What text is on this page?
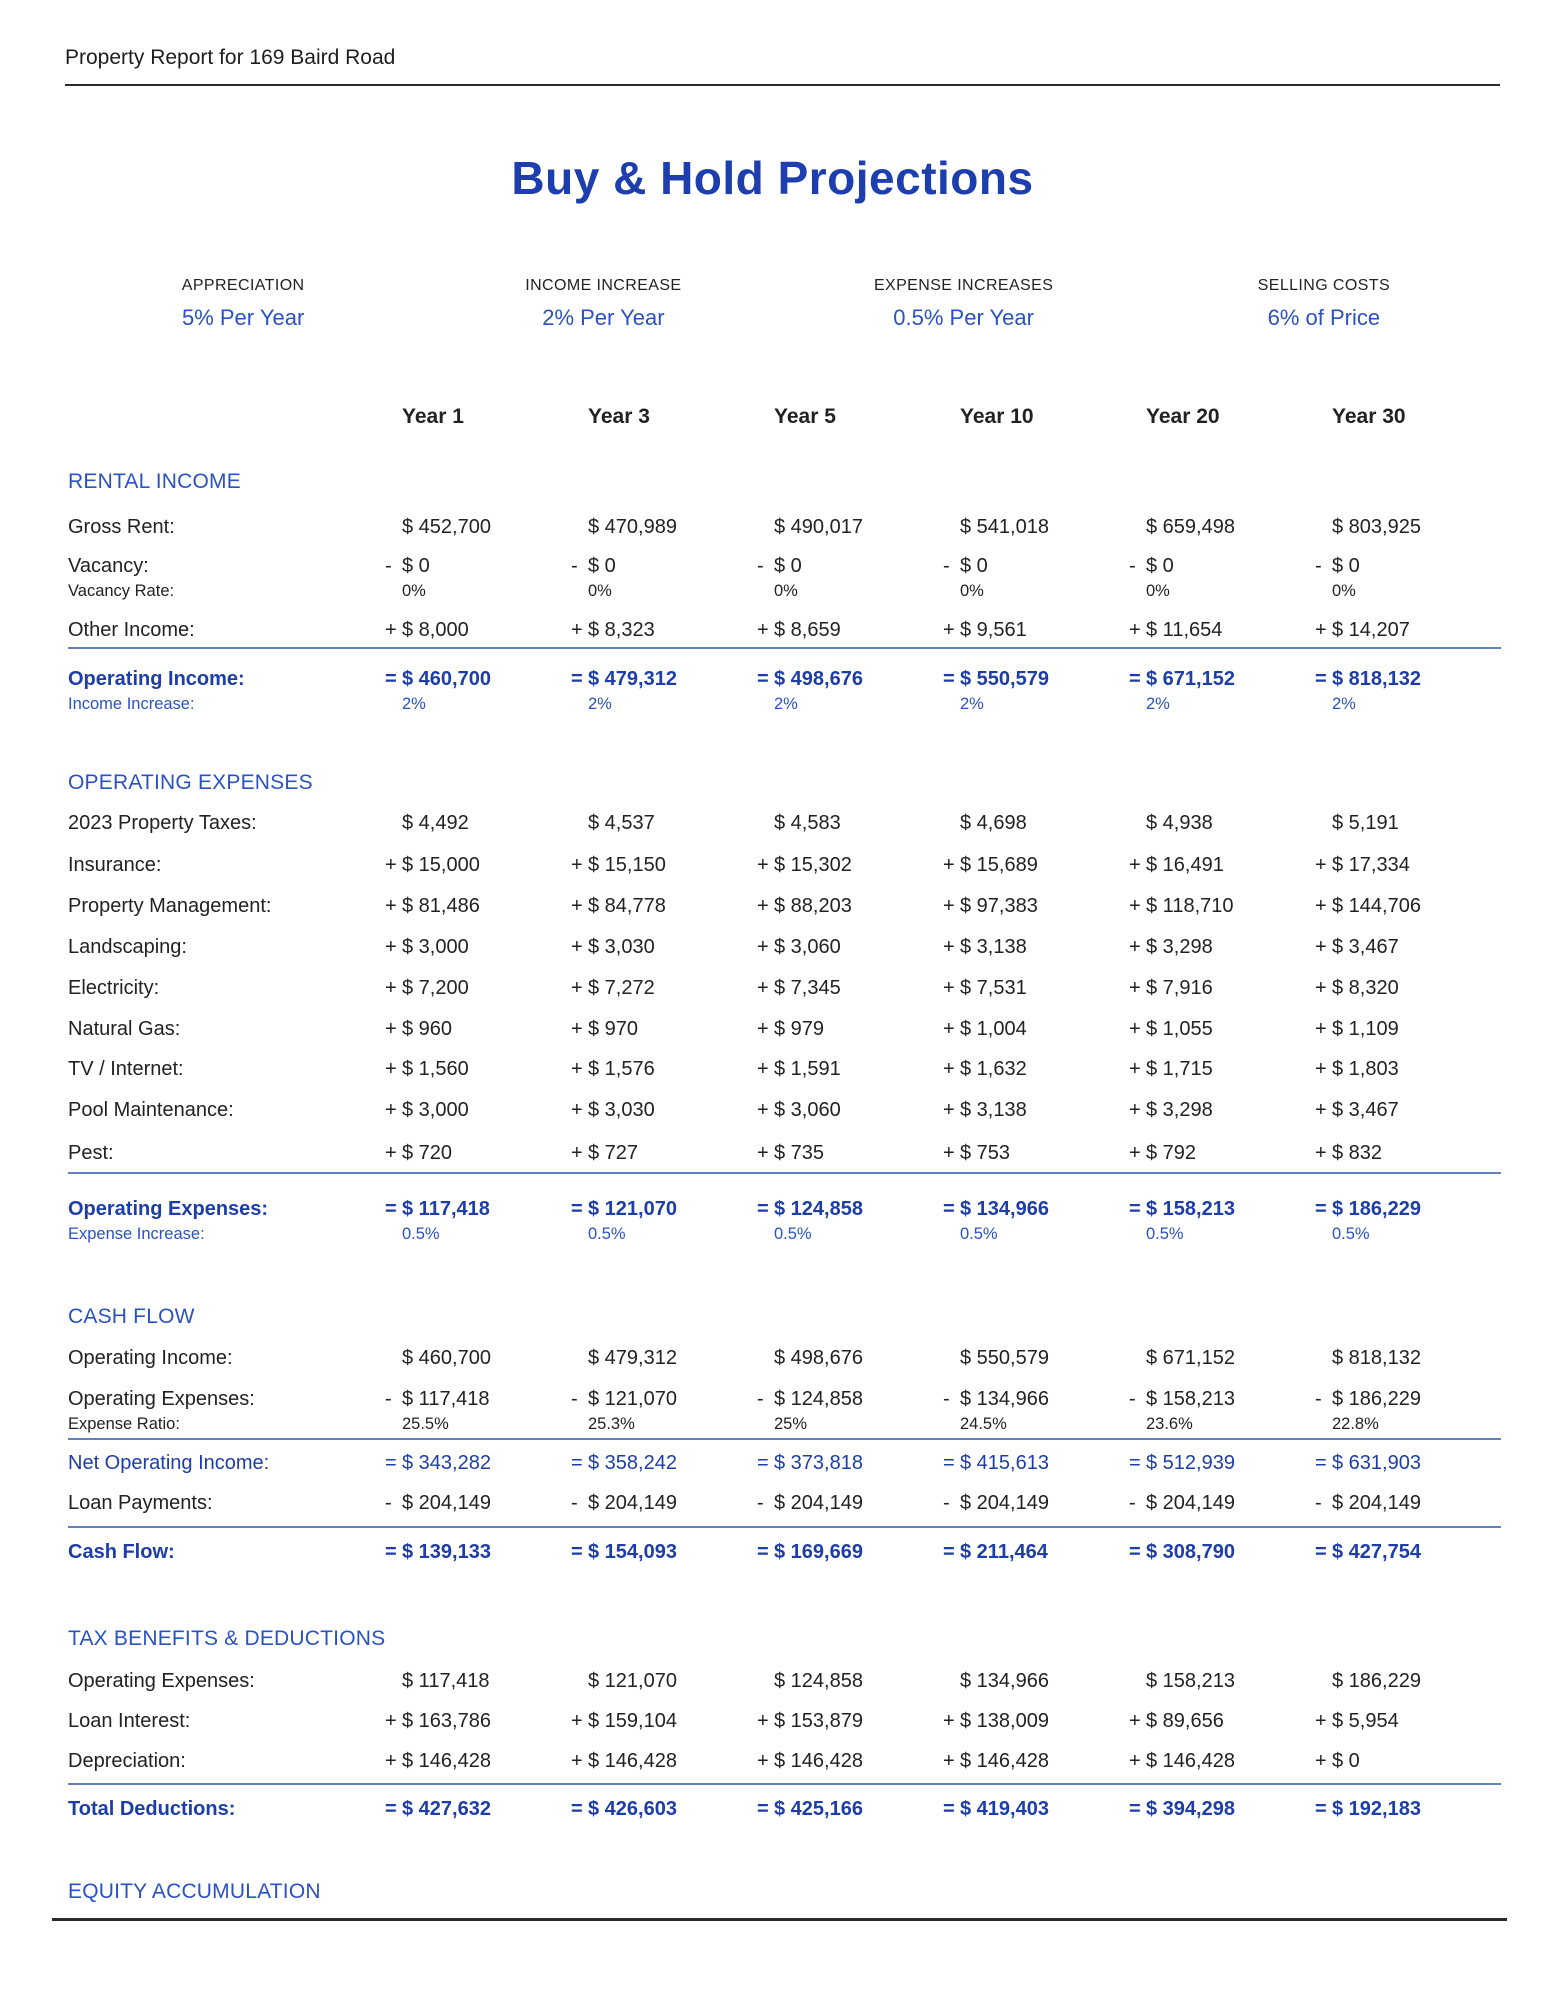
Property Report for 169 Baird Road
Buy & Hold Projections
APPRECIATION
5% Per Year
INCOME INCREASE
2% Per Year
EXPENSE INCREASES
0.5% Per Year
SELLING COSTS
6% of Price
Year 1	Year 3	Year 5	Year 10	Year 20	Year 30
RENTAL INCOME
Gross Rent:	$ 452,700	$ 470,989	$ 490,017	$ 541,018	$ 659,498	$ 803,925
Vacancy:	- $ 0	- $ 0	- $ 0	- $ 0	- $ 0	- $ 0
Vacancy Rate:	0%	0%	0%	0%	0%	0%
Other Income:	+ $ 8,000	+ $ 8,323	+ $ 8,659	+ $ 9,561	+ $ 11,654	+ $ 14,207
Operating Income:	= $ 460,700	= $ 479,312	= $ 498,676	= $ 550,579	= $ 671,152	= $ 818,132
Income Increase:	2%	2%	2%	2%	2%	2%
OPERATING EXPENSES
2023 Property Taxes:	$ 4,492	$ 4,537	$ 4,583	$ 4,698	$ 4,938	$ 5,191
Insurance:	+ $ 15,000	+ $ 15,150	+ $ 15,302	+ $ 15,689	+ $ 16,491	+ $ 17,334
Property Management:	+ $ 81,486	+ $ 84,778	+ $ 88,203	+ $ 97,383	+ $ 118,710	+ $ 144,706
Landscaping:	+ $ 3,000	+ $ 3,030	+ $ 3,060	+ $ 3,138	+ $ 3,298	+ $ 3,467
Electricity:	+ $ 7,200	+ $ 7,272	+ $ 7,345	+ $ 7,531	+ $ 7,916	+ $ 8,320
Natural Gas:	+ $ 960	+ $ 970	+ $ 979	+ $ 1,004	+ $ 1,055	+ $ 1,109
TV / Internet:	+ $ 1,560	+ $ 1,576	+ $ 1,591	+ $ 1,632	+ $ 1,715	+ $ 1,803
Pool Maintenance:	+ $ 3,000	+ $ 3,030	+ $ 3,060	+ $ 3,138	+ $ 3,298	+ $ 3,467
Pest:	+ $ 720	+ $ 727	+ $ 735	+ $ 753	+ $ 792	+ $ 832
Operating Expenses:	= $ 117,418	= $ 121,070	= $ 124,858	= $ 134,966	= $ 158,213	= $ 186,229
Expense Increase:	0.5%	0.5%	0.5%	0.5%	0.5%	0.5%
CASH FLOW
Operating Income:	$ 460,700	$ 479,312	$ 498,676	$ 550,579	$ 671,152	$ 818,132
Operating Expenses:	- $ 117,418	- $ 121,070	- $ 124,858	- $ 134,966	- $ 158,213	- $ 186,229
Expense Ratio:	25.5%	25.3%	25%	24.5%	23.6%	22.8%
Net Operating Income:	= $ 343,282	= $ 358,242	= $ 373,818	= $ 415,613	= $ 512,939	= $ 631,903
Loan Payments:	- $ 204,149	- $ 204,149	- $ 204,149	- $ 204,149	- $ 204,149	- $ 204,149
Cash Flow:	= $ 139,133	= $ 154,093	= $ 169,669	= $ 211,464	= $ 308,790	= $ 427,754
TAX BENEFITS & DEDUCTIONS
Operating Expenses:	$ 117,418	$ 121,070	$ 124,858	$ 134,966	$ 158,213	$ 186,229
Loan Interest:	+ $ 163,786	+ $ 159,104	+ $ 153,879	+ $ 138,009	+ $ 89,656	+ $ 5,954
Depreciation:	+ $ 146,428	+ $ 146,428	+ $ 146,428	+ $ 146,428	+ $ 146,428	+ $ 0
Total Deductions:	= $ 427,632	= $ 426,603	= $ 425,166	= $ 419,403	= $ 394,298	= $ 192,183
EQUITY ACCUMULATION
